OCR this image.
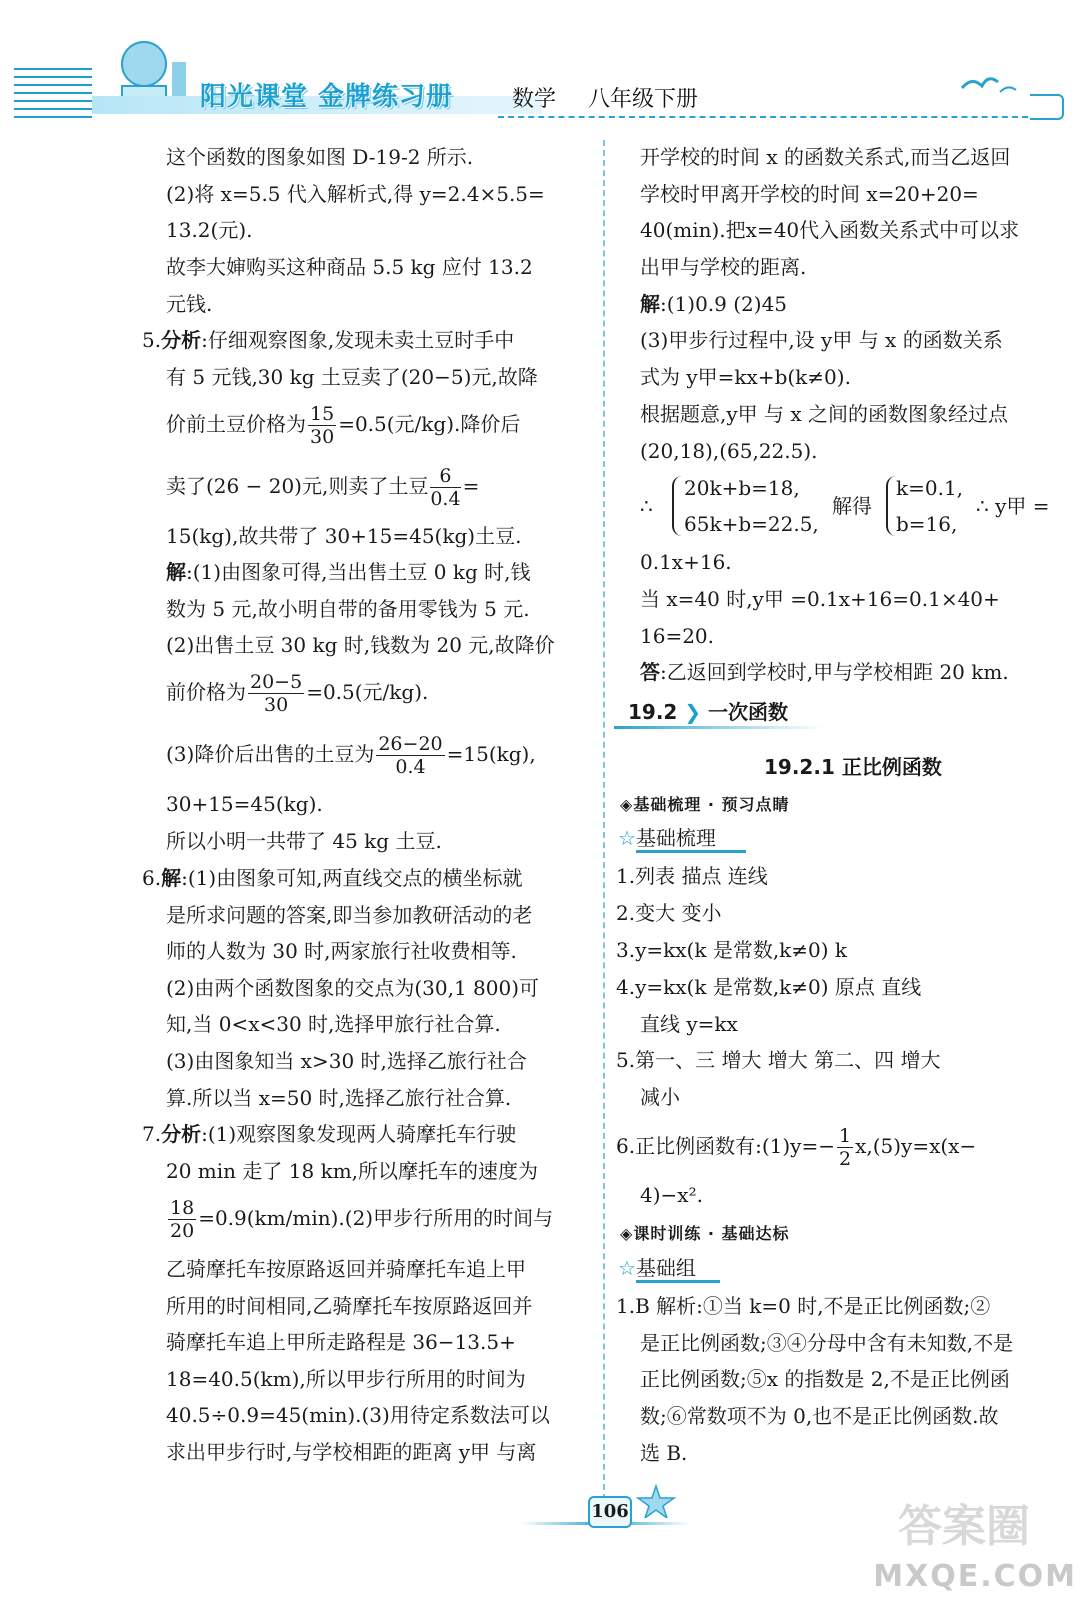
阳光课堂 金牌练习册	数学 八年级下册
这个函数的图象如图 D-19-2 所示.
(2)将 x=5.5 代入解析式,得 y=2.4×5.5=
13.2(元).
故李大婶购买这种商品 5.5 kg 应付 13.2
元钱.
5.分析:仔细观察图象,发现未卖土豆时手中
有 5 元钱,30 kg 土豆卖了(20−5)元,故降
价前土豆价格为 $\frac{15}{30} =0.5$(元/kg).降价后
卖了(26 − 20)元,则卖了土豆 $\frac{6}{0.4}$ =
15(kg),故共带了 30+15=45(kg)土豆.
解:(1)由图象可得,当出售土豆 0 kg 时,钱
数为 5 元,故小明自带的备用零钱为 5 元.
(2)出售土豆 30 kg 时,钱数为 20 元,故降价
前价格为 $\frac{20-5}{30} =0.5$(元/kg).
(3)降价后出售的土豆为 $\frac{26-20}{0.4} =15(kg)$,
30+15=45(kg).
所以小明一共带了 45 kg 土豆.
6.解:(1)由图象可知,两直线交点的横坐标就
是所求问题的答案,即当参加教研活动的老
师的人数为 30 时,两家旅行社收费相等.
(2)由两个函数图象的交点为(30,1 800)可
知,当 0<x<30 时,选择甲旅行社合算.
(3)由图象知当 x>30 时,选择乙旅行社合
算.所以当 x=50 时,选择乙旅行社合算.
7.分析:(1)观察图象发现两人骑摩托车行驶
20 min 走了 18 km,所以摩托车的速度为
$\frac{18}{20} =0.9(km/\min).(2)$甲步行所用的时间与
乙骑摩托车按原路返回并骑摩托车追上甲
所用的时间相同,乙骑摩托车按原路返回并
骑摩托车追上甲所走路程是 36−13.5+
18=40.5(km),所以甲步行所用的时间为
40.5÷0.9=45(min).(3)用待定系数法可以
求出甲步行时,与学校相距的距离 y甲 与离
开学校的时间 x 的函数关系式,而当乙返回
学校时甲离开学校的时间 x=20+20=
40(min).把x=40代入函数关系式中可以求
出甲与学校的距离.
解:(1)0.9 (2)45
(3)甲步行过程中,设 y甲 与 x 的函数关系
式为 y甲=kx+b(k≠0).
根据题意,y甲 与 x 之间的函数图象经过点
(20,18),(65,22.5).
∴
20k+b=18,
65k+b=22.5,
解得
k=0.1,
b=16,
∴ y甲 =
0.1x+16.
当 x=40 时,y甲 =0.1x+16=0.1×40+
16=20.
答:乙返回到学校时,甲与学校相距 20 km.
19.2 ❯ 一次函数
19.2.1 正比例函数
◈基础梳理 · 预习点睛
☆基础梳理
1.列表 描点 连线
2.变大 变小
3.y=kx(k 是常数,k≠0) k
4.y=kx(k 是常数,k≠0) 原点 直线
直线 y=kx
5.第一、三 增大 增大 第二、四 增大
减小
6.正比例函数有:(1)y=− $\frac{1}{2} x,(5)y=x(x-$
4)−x².
◈课时训练 · 基础达标
☆基础组
1.B 解析:①当 k=0 时,不是正比例函数;②
是正比例函数;③④分母中含有未知数,不是
正比例函数;⑤x 的指数是 2,不是正比例函
数;⑥常数项不为 0,也不是正比例函数.故
选 B.
106	答案圈
MXQE.COM
